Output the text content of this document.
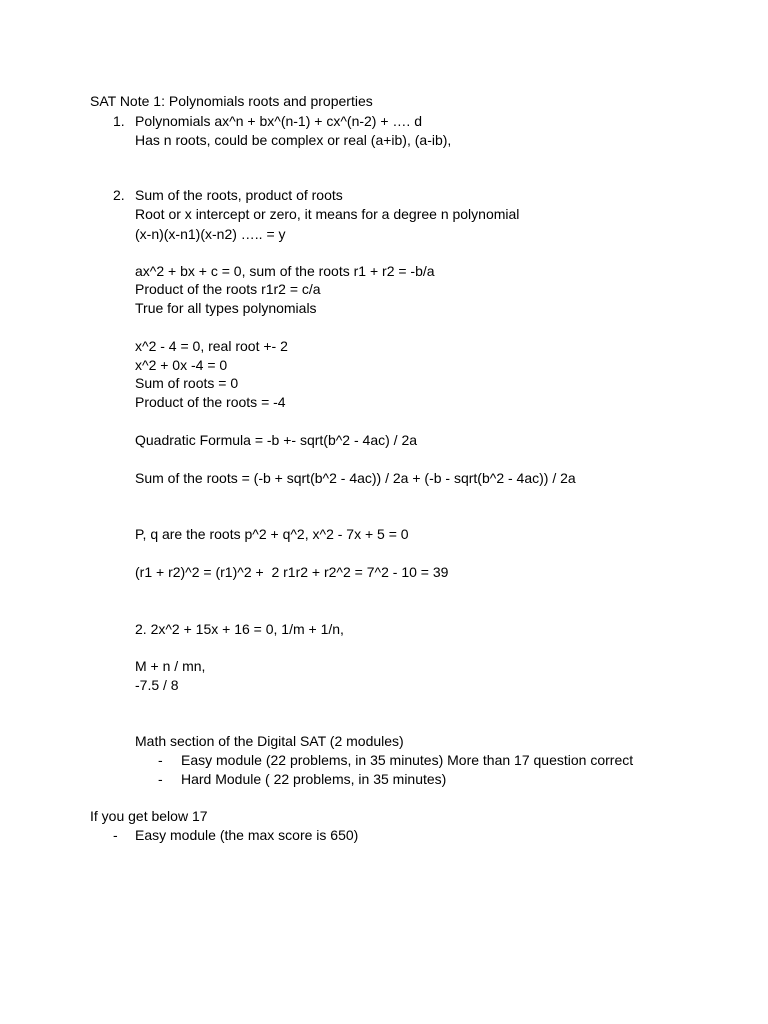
SAT Note 1: Polynomials roots and properties
1. Polynomials ax^n + bx^(n-1) + cx^(n-2) + …. d
Has n roots, could be complex or real (a+ib), (a-ib),
2. Sum of the roots, product of roots
Root or x intercept or zero, it means for a degree n polynomial
(x-n)(x-n1)(x-n2) ….. = y
ax^2 + bx + c = 0, sum of the roots r1 + r2 = -b/a
Product of the roots r1r2 = c/a
True for all types polynomials
x^2 - 4 = 0, real root +- 2
x^2 + 0x -4 = 0
Sum of roots = 0
Product of the roots = -4
Quadratic Formula = -b +- sqrt(b^2 - 4ac) / 2a
Sum of the roots = (-b + sqrt(b^2 - 4ac)) / 2a + (-b - sqrt(b^2 - 4ac)) / 2a
P, q are the roots p^2 + q^2, x^2 - 7x + 5 = 0
(r1 + r2)^2 = (r1)^2 +  2 r1r2 + r2^2 = 7^2 - 10 = 39
2. 2x^2 + 15x + 16 = 0, 1/m + 1/n,
M + n / mn,
-7.5 / 8
Math section of the Digital SAT (2 modules)
- Easy module (22 problems, in 35 minutes) More than 17 question correct
- Hard Module ( 22 problems, in 35 minutes)
If you get below 17
- Easy module (the max score is 650)
